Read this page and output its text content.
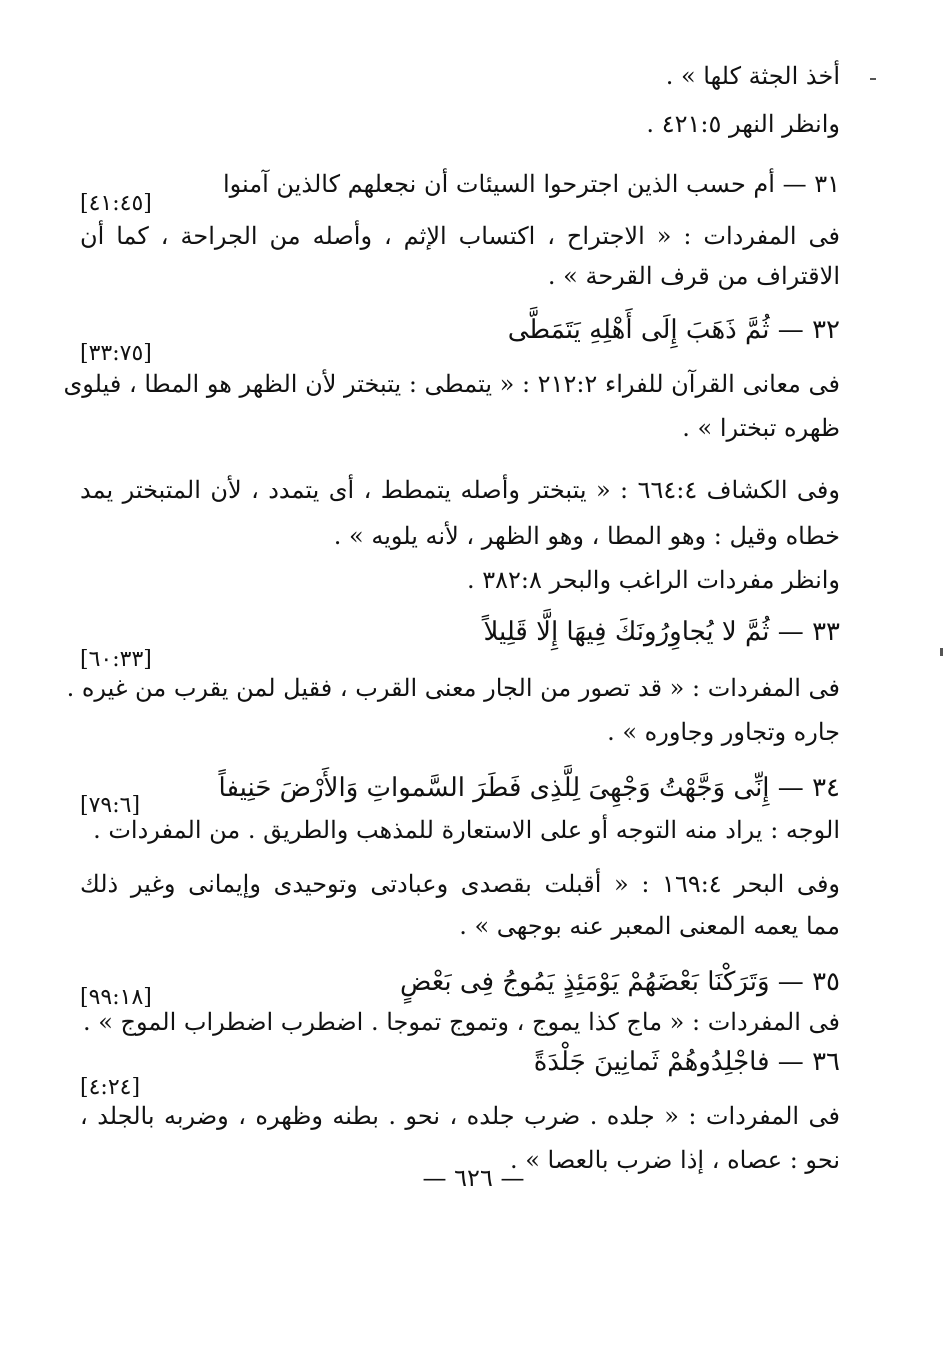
أخذ الجثة كلها » .
وانظر النهر ٤٢١:٥ .
٣١ — أم حسب الذين اجترحوا السيئات أن نجعلهم كالذين آمنوا
[٤١:٤٥]
فى المفردات : « الاجتراح ، اكتساب الإثم ، وأصله من الجراحة ، كما أن
الاقتراف من قرف القرحة » .
٣٢ — ثُمَّ ذَهَبَ إِلَى أَهْلِهِ يَتَمَطَّى
[٣٣:٧٥]
فى معانى القرآن للفراء ٢١٢:٢ : « يتمطى : يتبختر لأن الظهر هو المطا ، فيلوى
ظهره تبخترا » .
وفى الكشاف ٦٦٤:٤ : « يتبختر وأصله يتمطط ، أى يتمدد ، لأن المتبختر يمد
خطاه وقيل : وهو المطا ، وهو الظهر ، لأنه يلويه » .
وانظر مفردات الراغب والبحر ٣٨٢:٨ .
٣٣ — ثُمَّ لا يُجاوِرُونَكَ فِيهَا إِلَّا قَلِيلاً
[٦٠:٣٣]
فى المفردات : « قد تصور من الجار معنى القرب ، فقيل لمن يقرب من غيره .
جاره وتجاور وجاوره » .
٣٤ — إِنِّى وَجَّهْتُ وَجْهِىَ لِلَّذِى فَطَرَ السَّمواتِ وَالأَرْضَ حَنِيفاً
[٧٩:٦]
الوجه : يراد منه التوجه أو على الاستعارة للمذهب والطريق . من المفردات .
وفى البحر ١٦٩:٤ : « أقبلت بقصدى وعبادتى وتوحيدى وإيمانى وغير ذلك
مما يعمه المعنى المعبر عنه بوجهى » .
٣٥ — وَتَرَكْنَا بَعْضَهُمْ يَوْمَئِذٍ يَمُوجُ فِى بَعْضٍ
[٩٩:١٨]
فى المفردات : « ماج كذا يموج ، وتموج تموجا . اضطرب اضطراب الموج » .
٣٦ — فاجْلِدُوهُمْ ثَمانِينَ جَلْدَةً
[٤:٢٤]
فى المفردات : « جلده . ضرب جلده ، نحو . بطنه وظهره ، وضربه بالجلد ،
نحو : عصاه ، إذا ضرب بالعصا » .
— ٦٢٦ —
